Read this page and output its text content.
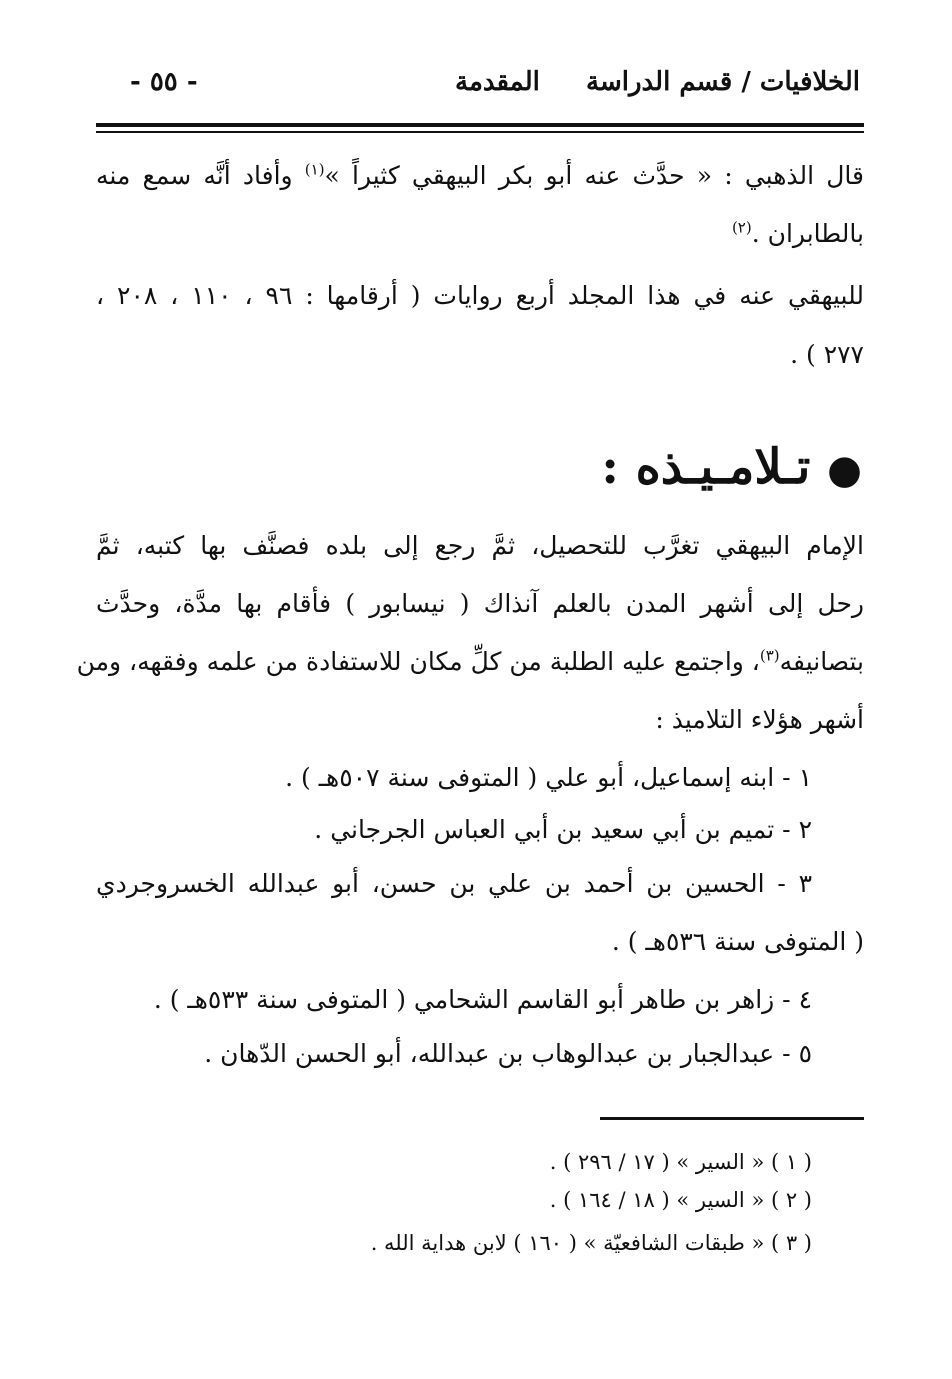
الخلافيات / قسم الدراسة
المقدمة
- ٥٥ -
قال الذهبي : « حدَّث عنه أبو بكر البيهقي كثيراً »$^{(١)}$ وأفاد أنَّه سمع منه
بالطابران .$^{(٢)}$
للبيهقي عنه في هذا المجلد أربع روايات ( أرقامها : ٩٦ ، ١١٠ ، ٢٠٨ ،
٢٧٧ ) .
● تـلامـيـذه :
الإمام البيهقي تغرَّب للتحصيل، ثمَّ رجع إلى بلده فصنَّف بها كتبه، ثمَّ
رحل إلى أشهر المدن بالعلم آنذاك ( نيسابور ) فأقام بها مدَّة، وحدَّث
بتصانيفه$^{(٣)}$، واجتمع عليه الطلبة من كلِّ مكان للاستفادة من علمه وفقهه، ومن
أشهر هؤلاء التلاميذ :
١ - ابنه إسماعيل، أبو علي ( المتوفى سنة ٥٠٧هـ ) .
٢ - تميم بن أبي سعيد بن أبي العباس الجرجاني .
٣ - الحسين بن أحمد بن علي بن حسن، أبو عبدالله الخسروجردي
( المتوفى سنة ٥٣٦هـ ) .
٤ - زاهر بن طاهر أبو القاسم الشحامي ( المتوفى سنة ٥٣٣هـ ) .
٥ - عبدالجبار بن عبدالوهاب بن عبدالله، أبو الحسن الدّهان .
( ١ ) « السير » ( ١٧ / ٢٩٦ ) .
( ٢ ) « السير » ( ١٨ / ١٦٤ ) .
( ٣ ) « طبقات الشافعيّة » ( ١٦٠ ) لابن هداية الله .
